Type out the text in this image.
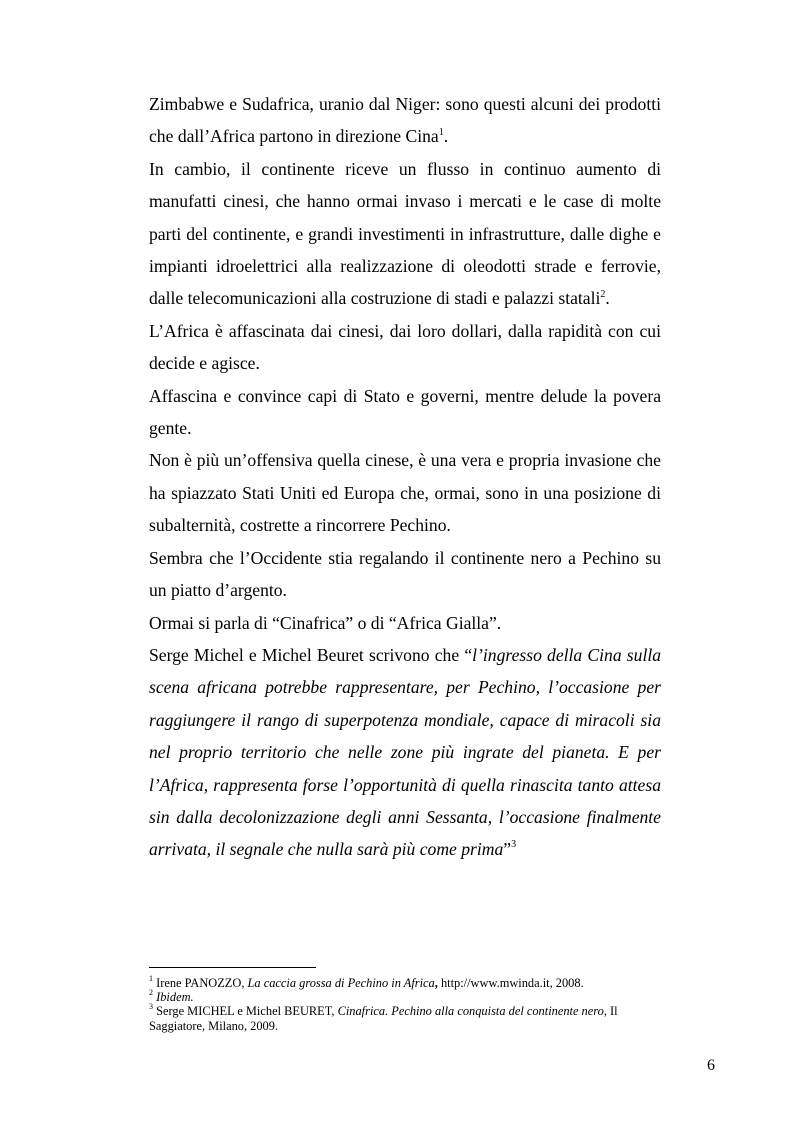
Zimbabwe e Sudafrica, uranio dal Niger: sono questi alcuni dei prodotti che dall’Africa partono in direzione Cina$^1$.

In cambio, il continente riceve un flusso in continuo aumento di manufatti cinesi, che hanno ormai invaso i mercati e le case di molte parti del continente, e grandi investimenti in infrastrutture, dalle dighe e impianti idroelettrici alla realizzazione di oleodotti strade e ferrovie, dalle telecomunicazioni alla costruzione di stadi e palazzi statali$^2$.

L’Africa è affascinata dai cinesi, dai loro dollari, dalla rapidità con cui decide e agisce.

Affascina e convince capi di Stato e governi, mentre delude la povera gente.

Non è più un’offensiva quella cinese, è una vera e propria invasione che ha spiazzato Stati Uniti ed Europa che, ormai, sono in una posizione di subalternità, costrette a rincorrere Pechino.

Sembra che l’Occidente stia regalando il continente nero a Pechino su un piatto d’argento.

Ormai si parla di “Cinafrica” o di “Africa Gialla”.

Serge Michel e Michel Beuret scrivono che “l’ingresso della Cina sulla scena africana potrebbe rappresentare, per Pechino, l’occasione per raggiungere il rango di superpotenza mondiale, capace di miracoli sia nel proprio territorio che nelle zone più ingrate del pianeta. E per l’Africa, rappresenta forse l’opportunità di quella rinascita tanto attesa sin dalla decolonizzazione degli anni Sessanta, l’occasione finalmente arrivata, il segnale che nulla sarà più come prima”$^3$

$^1$ Irene PANOZZO, La caccia grossa di Pechino in Africa, http://www.mwinda.it, 2008.

$^2$ Ibidem.

$^3$ Serge MICHEL e Michel BEURET, Cinafrica. Pechino alla conquista del continente nero, Il Saggiatore, Milano, 2009.

6
